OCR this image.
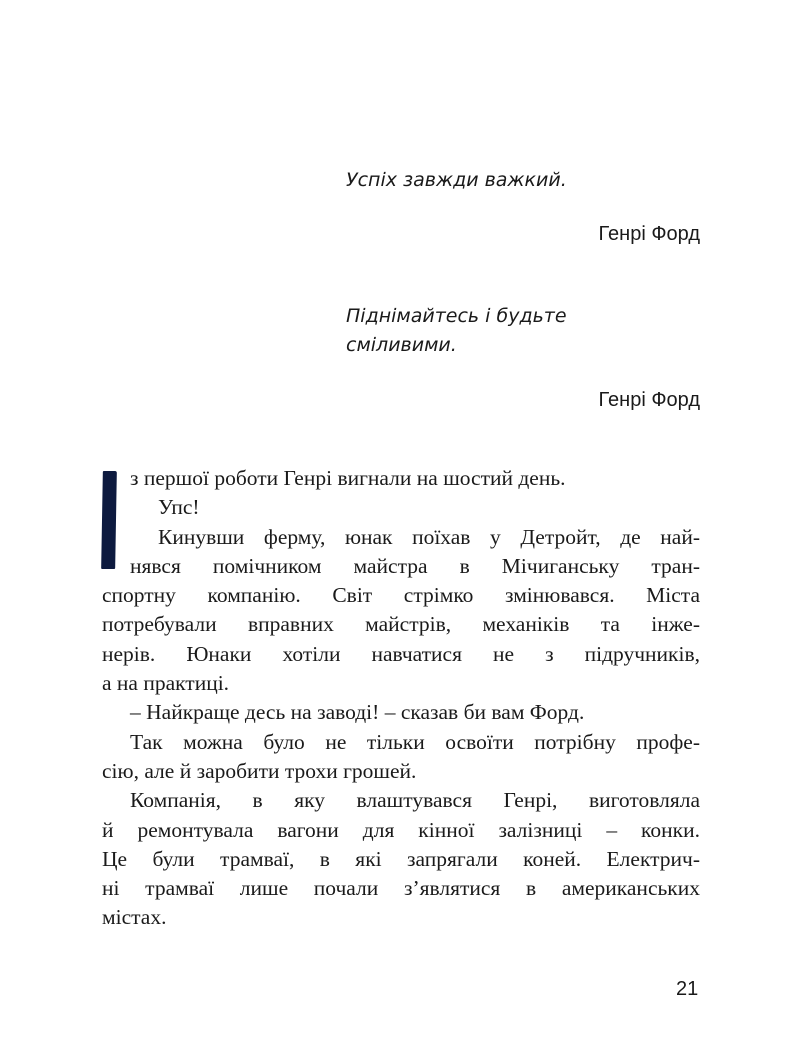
Успіх завжди важкий.

Генрі Форд

Піднімайтесь і будьте
сміливими.

Генрі Форд

з першої роботи Генрі вигнали на шостий день.
Упс!
Кинувши ферму, юнак поїхав у Детройт, де най-
нявся помічником майстра в Мічиганську тран-
спортну компанію. Світ стрімко змінювався. Міста
потребували вправних майстрів, механіків та інже-
нерів. Юнаки хотіли навчатися не з підручників,
а на практиці.
– Найкраще десь на заводі! – сказав би вам Форд.
Так можна було не тільки освоїти потрібну профе-
сію, але й заробити трохи грошей.
Компанія, в яку влаштувався Генрі, виготовляла
й ремонтувала вагони для кінної залізниці – конки.
Це були трамваї, в які запрягали коней. Електрич-
ні трамваї лише почали з’являтися в американських
містах.
21
